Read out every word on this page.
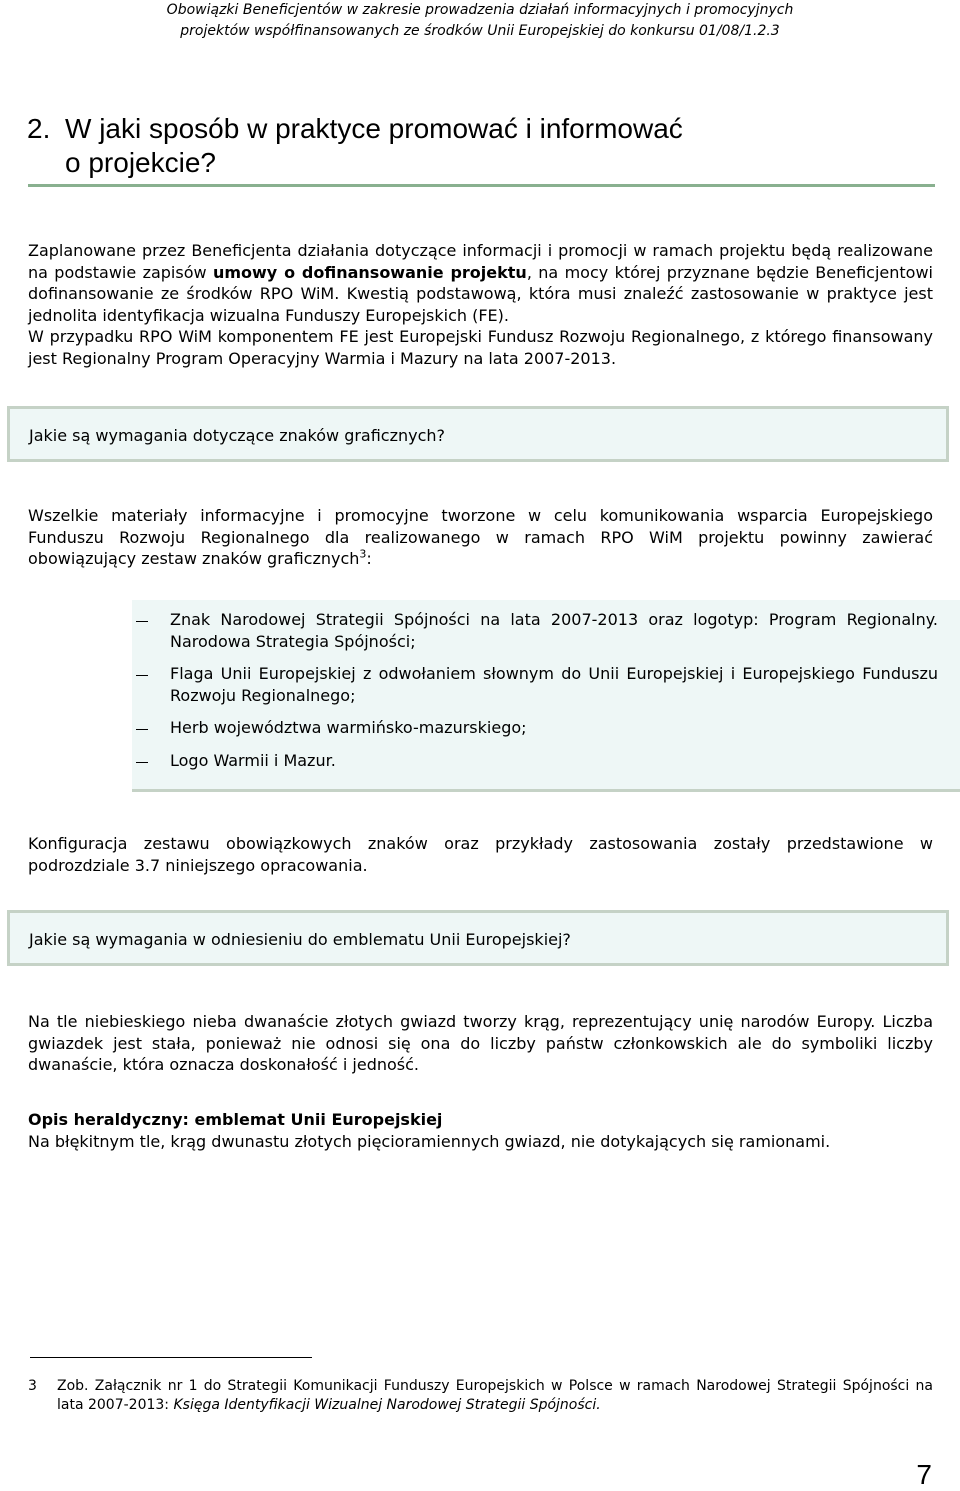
Obowiązki Beneficjentów w zakresie prowadzenia działań informacyjnych i promocyjnych
projektów współfinansowanych ze środków Unii Europejskiej do konkursu 01/08/1.2.3
2. W jaki sposób w praktyce promować i informować
o projekcie?
Zaplanowane przez Beneficjenta działania dotyczące informacji i promocji w ramach projektu będą realizowane na podstawie zapisów umowy o dofinansowanie projektu, na mocy której przyznane będzie Beneficjentowi dofinansowanie ze środków RPO WiM. Kwestią podstawową, która musi znaleźć zastosowanie w praktyce jest jednolita identyfikacja wizualna Funduszy Europejskich (FE).
W przypadku RPO WiM komponentem FE jest Europejski Fundusz Rozwoju Regionalnego, z którego finansowany jest Regionalny Program Operacyjny Warmia i Mazury na lata 2007-2013.
Jakie są wymagania dotyczące znaków graficznych?
Wszelkie materiały informacyjne i promocyjne tworzone w celu komunikowania wsparcia Europejskiego Funduszu Rozwoju Regionalnego dla realizowanego w ramach RPO WiM projektu powinny zawierać obowiązujący zestaw znaków graficznych$^3$:
Znak Narodowej Strategii Spójności na lata 2007-2013 oraz logotyp: Program Regionalny. Narodowa Strategia Spójności;
Flaga Unii Europejskiej z odwołaniem słownym do Unii Europejskiej i Europejskiego Funduszu Rozwoju Regionalnego;
Herb województwa warmińsko-mazurskiego;
Logo Warmii i Mazur.
Konfiguracja zestawu obowiązkowych znaków oraz przykłady zastosowania zostały przedstawione w podrozdziale 3.7 niniejszego opracowania.
Jakie są wymagania w odniesieniu do emblematu Unii Europejskiej?
Na tle niebieskiego nieba dwanaście złotych gwiazd tworzy krąg, reprezentujący unię narodów Europy. Liczba gwiazdek jest stała, ponieważ nie odnosi się ona do liczby państw członkowskich ale do symboliki liczby dwanaście, która oznacza doskonałość i jedność.
Opis heraldyczny: emblemat Unii Europejskiej
Na błękitnym tle, krąg dwunastu złotych pięcioramiennych gwiazd, nie dotykających się ramionami.
3 Zob. Załącznik nr 1 do Strategii Komunikacji Funduszy Europejskich w Polsce w ramach Narodowej Strategii Spójności na lata 2007-2013: Księga Identyfikacji Wizualnej Narodowej Strategii Spójności.
7
